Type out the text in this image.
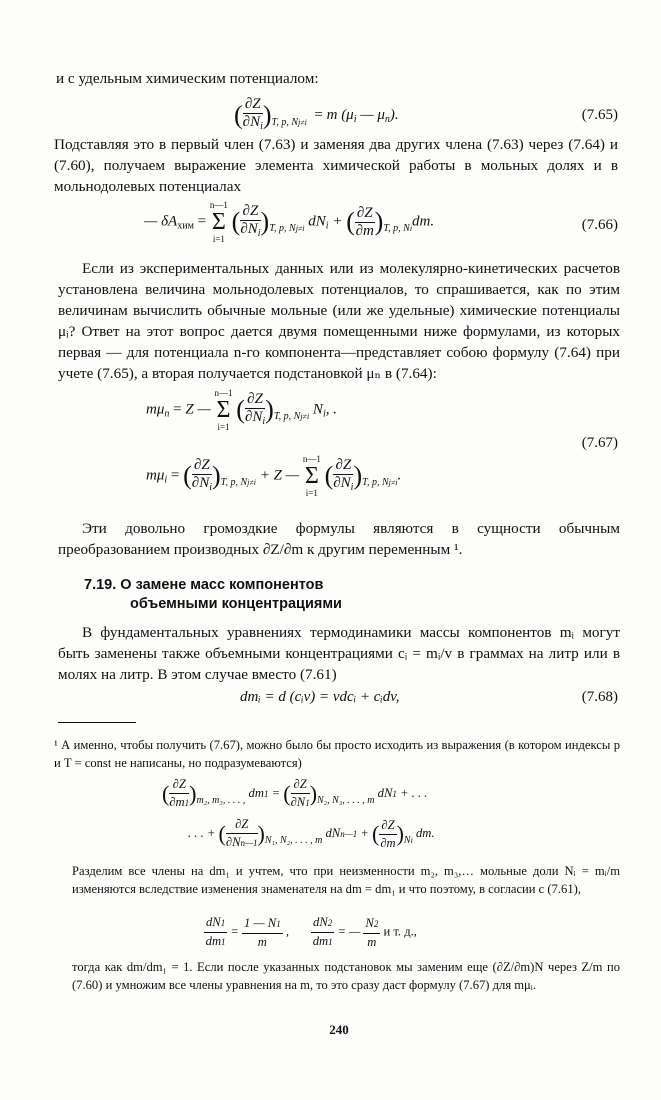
и с удельным химическим потенциалом:

( $\frac{\partial Z}{\partial N_i} )_{T, p, Nj\ne i} = m$ ($\mu_i$ — $\mu_n$).	(7.65)

Подставляя это в первый член (7.63) и заменяя два других члена (7.63) через (7.64) и (7.60), получаем выражение элемента химической работы в мольных долях и в мольнодолевых потенциалах

— $\delta A_{хим}$ = n—1
Σ
i=1 ( $\frac{\partial Z}{\partial N_i} )_{T, p, Nj\ne i}$ $dN_i$ + ( $\frac{\partial Z}{\partial m} )_{T, p, Ni}dm$.	(7.66)

Если из экспериментальных данных или из молекулярно-кинетических расчетов установлена величина мольнодолевых потенциалов, то спрашивается, как по этим величинам вычислить обычные мольные (или же удельные) химические потенциалы μᵢ? Ответ на этот вопрос дается двумя помещенными ниже формулами, из которых первая — для потенциала n-го компонента—представляет собою формулу (7.64) при учете (7.65), а вторая получается подстановкой μₙ в (7.64):

$m\mu_n = Z$ — n—1
Σ
i=1 ( $\frac{\partial Z}{\partial N_i} )_{T, p, Nj\ne i}$ $N_i$, .
(7.67)
$m\mu_i$ = ( $\frac{\partial Z}{\partial N_i} )_{T, p, Nj\ne i} + Z$ — n—1
Σ
i=1 ( $\frac{\partial Z}{\partial N_i} )_{T, p, Nj\ne i}$.

Эти довольно громоздкие формулы являются в сущности обычным преобразованием производных ∂Z/∂m к другим переменным ¹.

7.19. О замене масс компонентов
объемными концентрациями

В фундаментальных уравнениях термодинамики массы компонентов mᵢ могут быть заменены также объемными концентрациями cᵢ = mᵢ/v в граммах на литр или в молях на литр. В этом случае вместо (7.61)

dmᵢ = d (cᵢv) = vdcᵢ + cᵢdv,	(7.68)

¹ А именно, чтобы получить (7.67), можно было бы просто исходить из выражения (в котором индексы p и T = const не написаны, но подразумеваются)

( $\frac{\partial Z}{\partial m1} )_{m_2, m_3, . . . ,}$ dm1 = ( $\frac{\partial Z}{\partial N1} )_{N_2, N_3, . . . , m}$ dN1 + . . .
. . . + ( $\frac{\partial Z}{\partial Nn—1} )_{N_1, N_2, . . . , m}$ dNn—1 + ( $\frac{\partial Z}{\partial m} )_{Ni}$ dm.

Разделим все члены на dm₁ и учтем, что при неизменности m₂, m₃,… мольные доли Nᵢ = mᵢ/m изменяются вследствие изменения знаменателя на dm = dm₁ и что поэтому, в согласии с (7.61),

$\frac{dN1}{dm1} = \frac{1 — N1}{m}$ , $\frac{dN2}{dm1}$ = — $\frac{N2}{m}$ и т. д.,

тогда как dm/dm₁ = 1. Если после указанных подстановок мы заменим еще (∂Z/∂m)N через Z/m по (7.60) и умножим все члены уравнения на m, то это сразу даст формулу (7.67) для mμᵢ.

240
